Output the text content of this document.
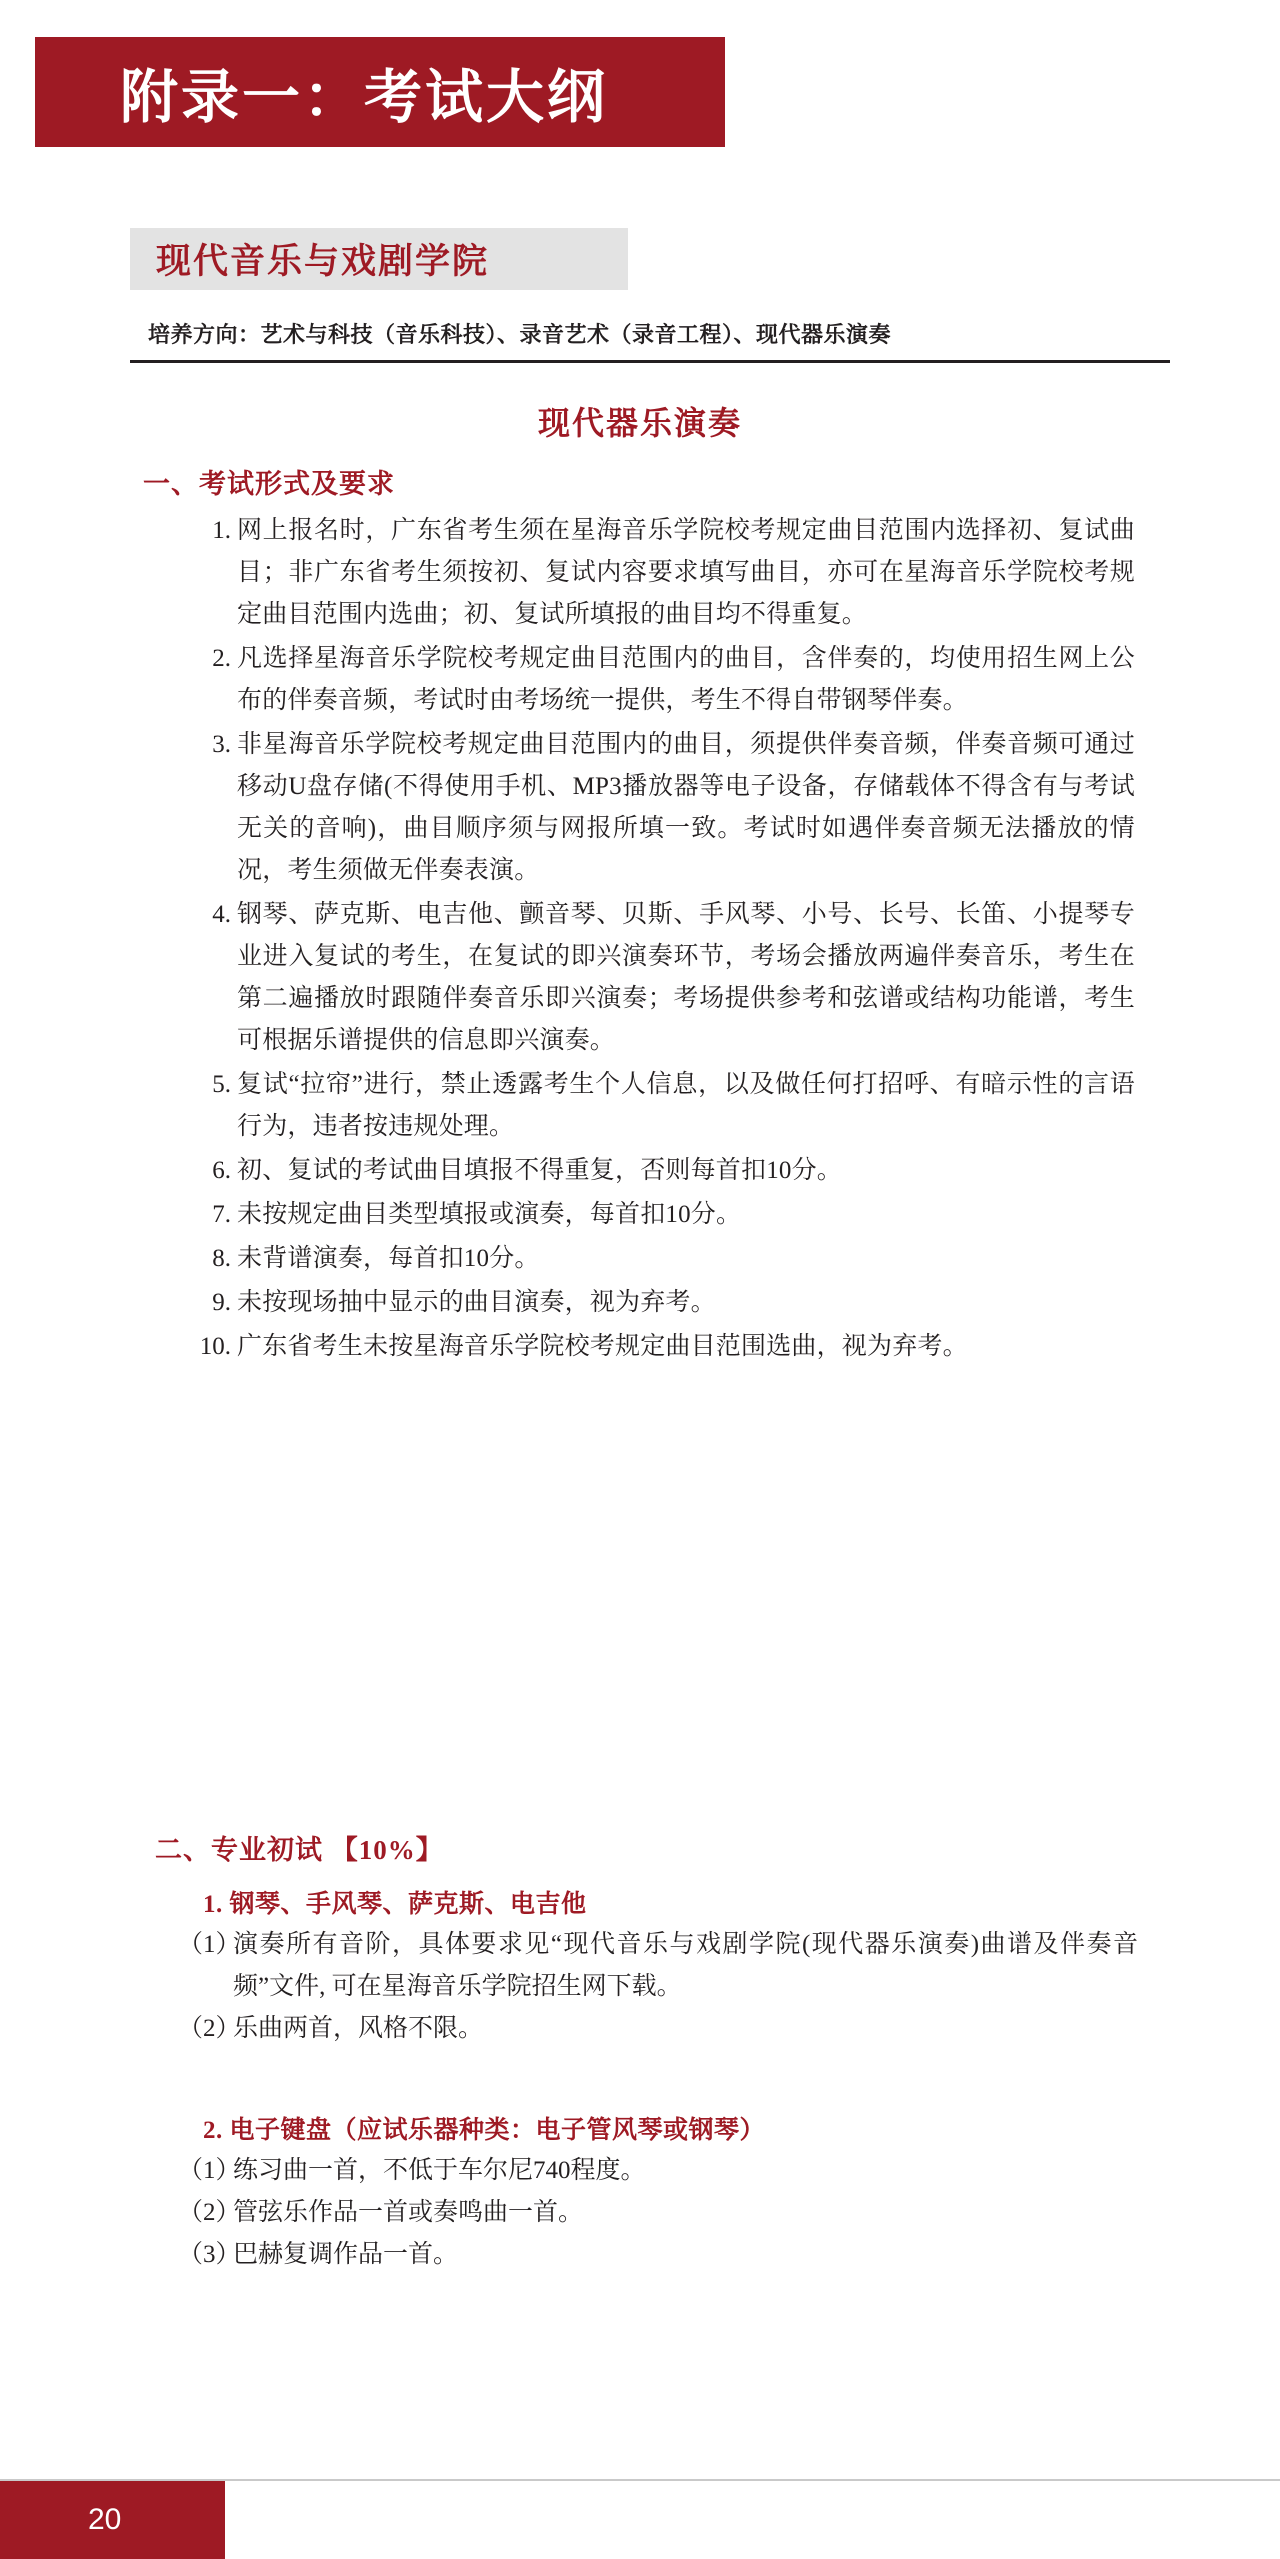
附录一：考试大纲
现代音乐与戏剧学院
培养方向：艺术与科技（音乐科技）、录音艺术（录音工程）、现代器乐演奏
现代器乐演奏
一、考试形式及要求
1. 网上报名时，广东省考生须在星海音乐学院校考规定曲目范围内选择初、复试曲目；非广东省考生须按初、复试内容要求填写曲目，亦可在星海音乐学院校考规定曲目范围内选曲；初、复试所填报的曲目均不得重复。
2. 凡选择星海音乐学院校考规定曲目范围内的曲目，含伴奏的，均使用招生网上公布的伴奏音频，考试时由考场统一提供，考生不得自带钢琴伴奏。
3. 非星海音乐学院校考规定曲目范围内的曲目，须提供伴奏音频，伴奏音频可通过移动U盘存储(不得使用手机、MP3播放器等电子设备，存储载体不得含有与考试无关的音响)，曲目顺序须与网报所填一致。考试时如遇伴奏音频无法播放的情况，考生须做无伴奏表演。
4. 钢琴、萨克斯、电吉他、颤音琴、贝斯、手风琴、小号、长号、长笛、小提琴专业进入复试的考生，在复试的即兴演奏环节，考场会播放两遍伴奏音乐，考生在第二遍播放时跟随伴奏音乐即兴演奏；考场提供参考和弦谱或结构功能谱，考生可根据乐谱提供的信息即兴演奏。
5. 复试“拉帘”进行，禁止透露考生个人信息，以及做任何打招呼、有暗示性的言语行为，违者按违规处理。
6. 初、复试的考试曲目填报不得重复，否则每首扣10分。
7. 未按规定曲目类型填报或演奏，每首扣10分。
8. 未背谱演奏，每首扣10分。
9. 未按现场抽中显示的曲目演奏，视为弃考。
10. 广东省考生未按星海音乐学院校考规定曲目范围选曲，视为弃考。
二、专业初试 【10%】
1. 钢琴、手风琴、萨克斯、电吉他
（1）
演奏所有音阶，具体要求见“现代音乐与戏剧学院(现代器乐演奏)曲谱及伴奏音频”文件, 可在星海音乐学院招生网下载。
（2）
乐曲两首，风格不限。
2. 电子键盘（应试乐器种类：电子管风琴或钢琴）
（1）
练习曲一首，不低于车尔尼740程度。
（2）
管弦乐作品一首或奏鸣曲一首。
（3）
巴赫复调作品一首。
20
